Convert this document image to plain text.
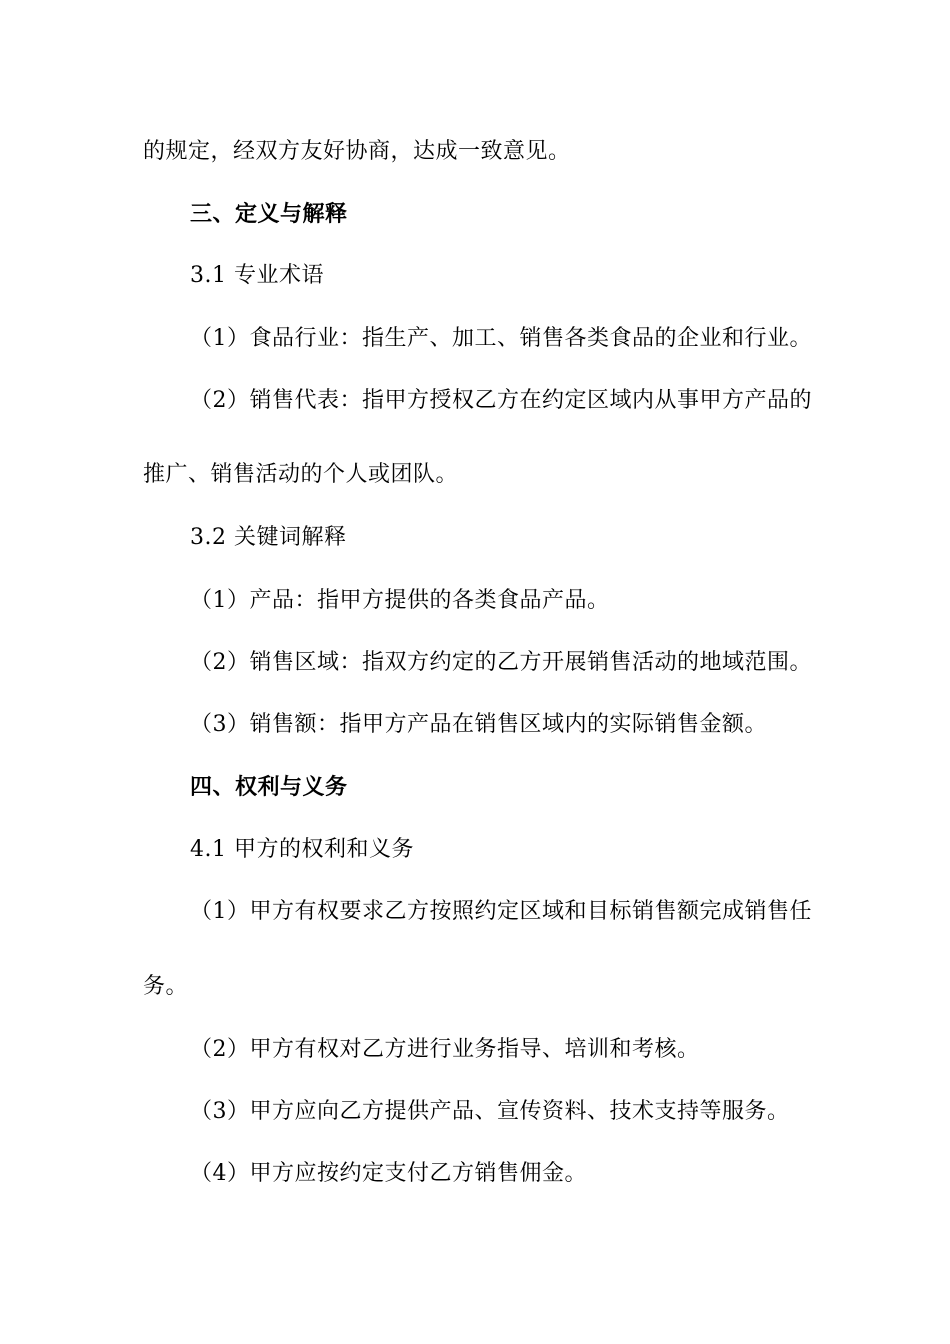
的规定，经双方友好协商，达成一致意见。

三、定义与解释

3.1 专业术语

（1）食品行业：指生产、加工、销售各类食品的企业和行业。

（2）销售代表：指甲方授权乙方在约定区域内从事甲方产品的

推广、销售活动的个人或团队。

3.2 关键词解释

（1）产品：指甲方提供的各类食品产品。

（2）销售区域：指双方约定的乙方开展销售活动的地域范围。

（3）销售额：指甲方产品在销售区域内的实际销售金额。

四、权利与义务

4.1 甲方的权利和义务

（1）甲方有权要求乙方按照约定区域和目标销售额完成销售任

务。

（2）甲方有权对乙方进行业务指导、培训和考核。

（3）甲方应向乙方提供产品、宣传资料、技术支持等服务。

（4）甲方应按约定支付乙方销售佣金。
